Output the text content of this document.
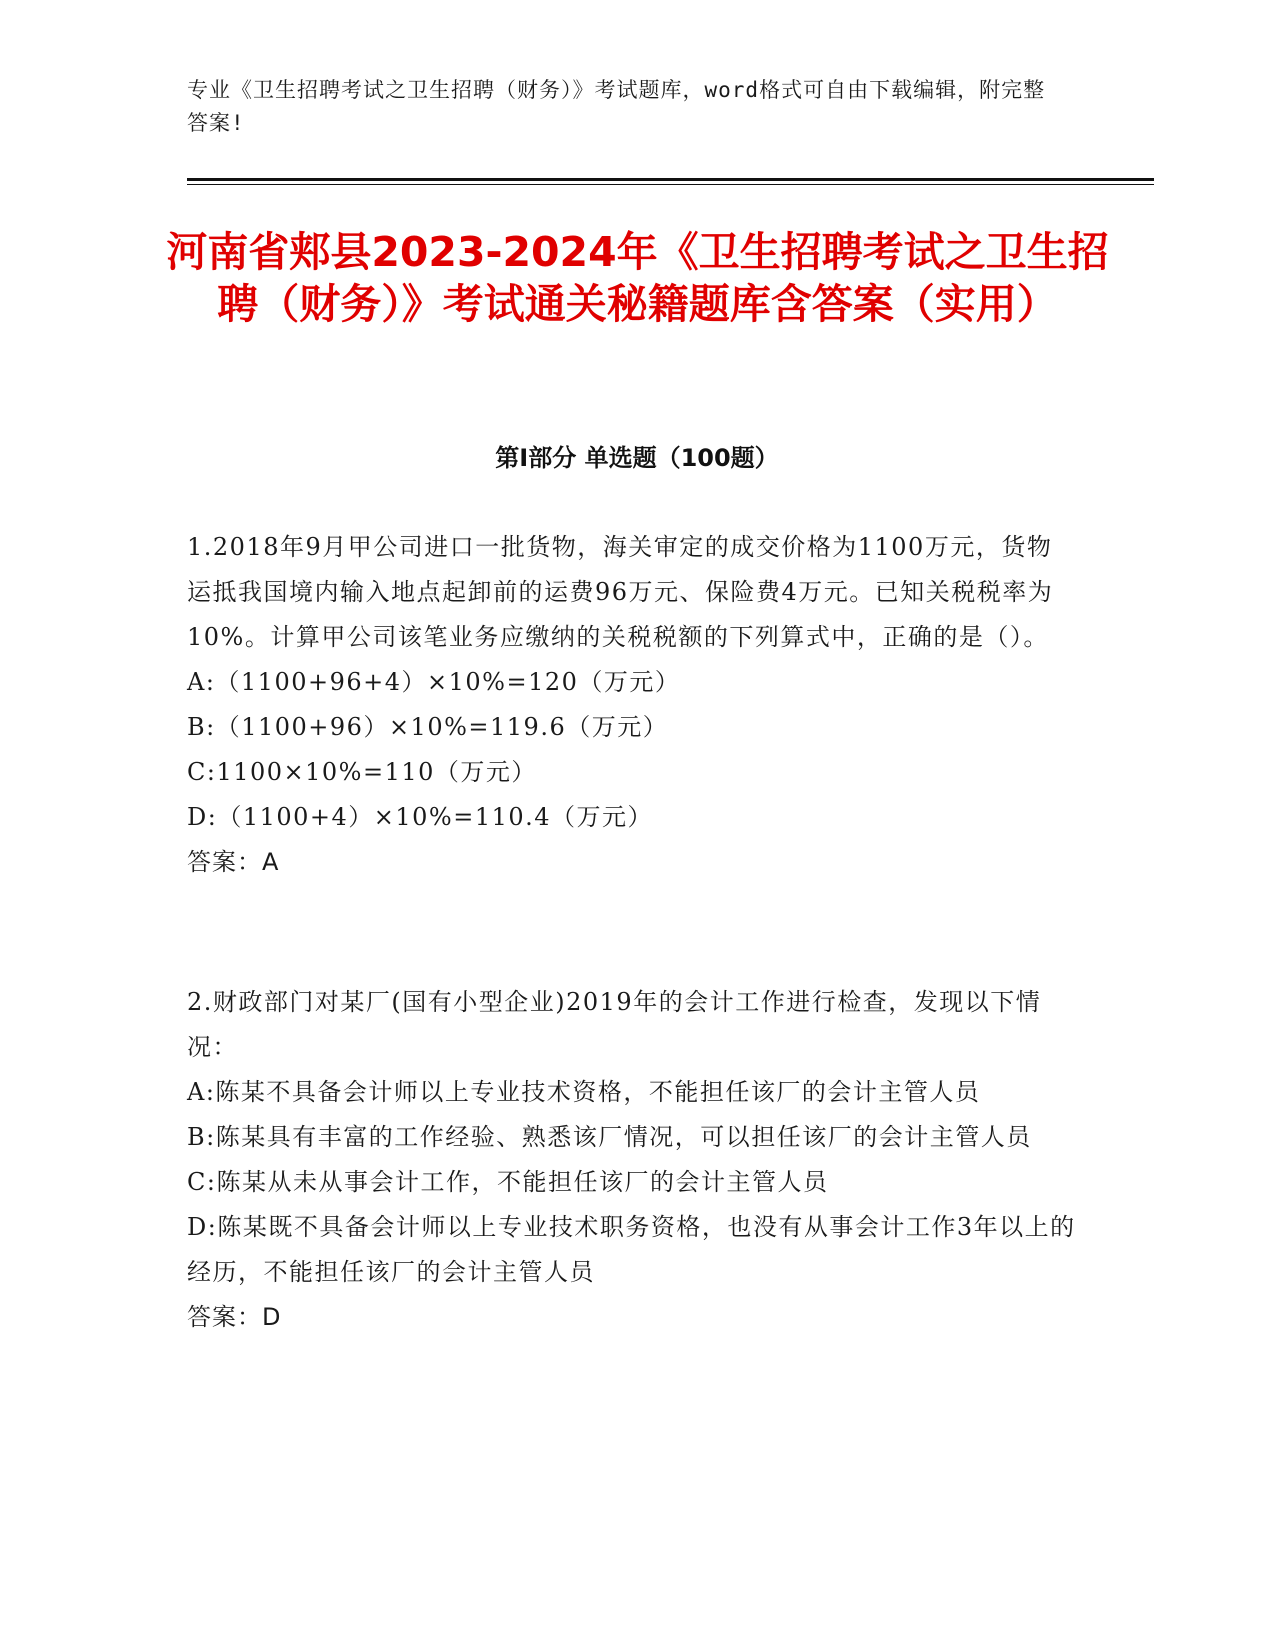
专业《卫生招聘考试之卫生招聘（财务）》考试题库，word格式可自由下载编辑，附完整答案!
河南省郏县2023-2024年《卫生招聘考试之卫生招聘（财务）》考试通关秘籍题库含答案（实用）
第I部分 单选题（100题）

1.2018年9月甲公司进口一批货物，海关审定的成交价格为1100万元，货物运抵我国境内输入地点起卸前的运费96万元、保险费4万元。已知关税税率为10%。计算甲公司该笔业务应缴纳的关税税额的下列算式中，正确的是（）。

A:（1100+96+4）×10%=120（万元）

B:（1100+96）×10%=119.6（万元）

C:1100×10%=110（万元）

D:（1100+4）×10%=110.4（万元）

答案：A

2.财政部门对某厂(国有小型企业)2019年的会计工作进行检查，发现以下情况：

A:陈某不具备会计师以上专业技术资格，不能担任该厂的会计主管人员

B:陈某具有丰富的工作经验、熟悉该厂情况，可以担任该厂的会计主管人员

C:陈某从未从事会计工作，不能担任该厂的会计主管人员

D:陈某既不具备会计师以上专业技术职务资格，也没有从事会计工作3年以上的经历，不能担任该厂的会计主管人员

答案：D
